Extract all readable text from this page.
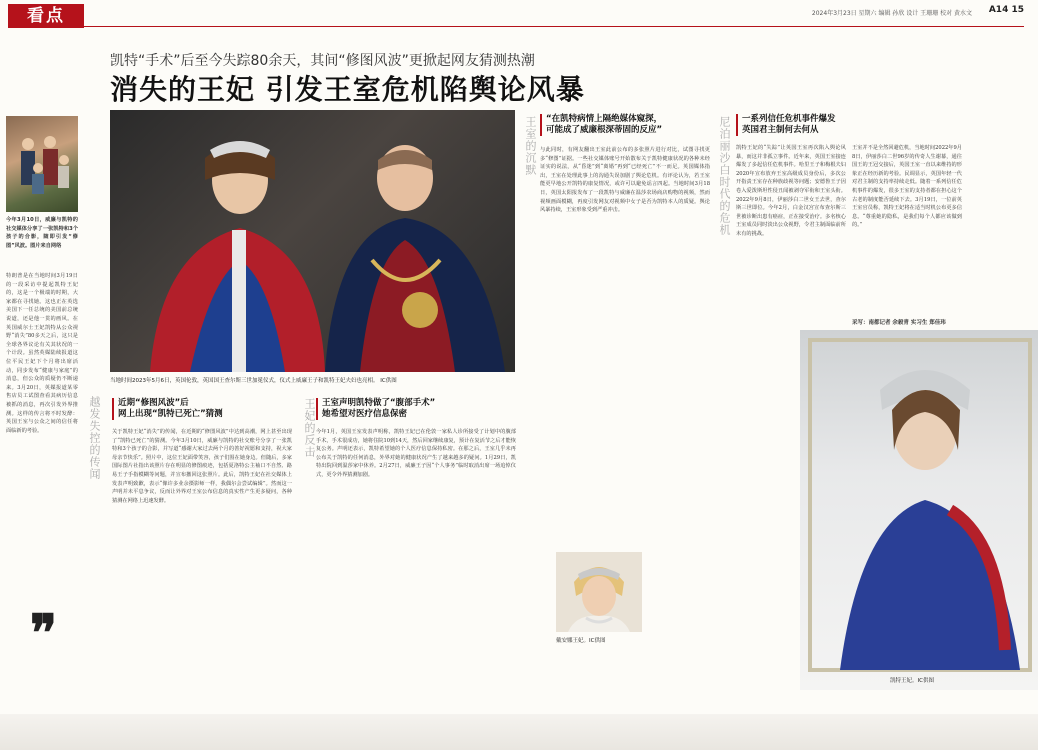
看点	2024年3月23日 星期六 编辑 孙欣 设计 王珊珊 校对 黄水文 A14 15
凯特“手术”后至今失踪80余天，其间“修图风波”更掀起网友猜测热潮
消失的王妃 引发王室危机陷舆论风暴
今年3月10日，威廉与凯特的社交媒体分享了一张凯特和3个孩子的合影，随即引发“修图”风波。图片来自网络
特朗普是在当地时间3月19日的一段采访中提起凯特王妃的，这是一个极端的时期，大家都在寻找她。这也正在英选美国下一任总统的美国前总统说道，还是他一贯的画风。在英国威尔士王妃凯特从公众视野“消失”80多天之后，这只是全球各界议论有关其状况的一个计段。虽然英媒陆续报道这位平民王妃下个月将出席活动，同步发布“健康与家庭”的消息，但公众的质疑仍不断递来。3月20日，英媒报道某零售店员工试图查看其病历信息被抓的消息，再次引发外界推测。这样的传言将不时发酵：英国王室与公众之间的信任将面临新的考验。
❞
当地时间2023年5月6日，英国伦敦，英国国王查尔斯三世加冕仪式，仪式上威廉王子和凯特王妃夫妇也亮相。 IC供图
王室的沉默
越发失控的传闻	王妃的反击
尼泊丽沙白时代的危机
近期“修图风波”后
网上出现“凯特已死亡”猜测
关于凯特王妃“消失”的传闻，在近期的“修图风波”中达到高潮，网上甚至出现了“凯特已死亡”的猜测。今年3月10日，威廉与凯特的社交账号分享了一张凯特和3个孩子的合影，并写道“感谢大家过去两个月的善好祝愿和支持，祝大家母亲节快乐”。照片中，这位王妃面带笑容，孩子们围在她身边。但随后，多家国际图片社指出该照片存在明显的修图痕迹，包括夏洛特公主袖口不自然、路易王子手指模糊等问题，并宣布撤回这张照片。此后，凯特王妃在社交媒体上发表声明致歉，表示“像许多业余摄影师一样，我偶尔会尝试编辑”。然而这一声明并未平息争议，反而让外界对王室公布信息的真实性产生更多疑问，各种猜测在网络上迅速发酵。
王室声明凯特做了“腹部手术”
她希望对医疗信息保密
今年1月，英国王室发表声明称，凯特王妃已在伦敦一家私人诊所接受了计划中的腹部手术，手术很成功，她将住院10到14天，然后回家继续康复，预计在复活节之后才能恢复公务。声明还表示，凯特希望她的个人医疗信息保持私密。在那之后，王室几乎未再公布关于凯特的任何消息，外界对她的健康状况产生了越来越多的疑问。1月29日，凯特出院回到温莎家中休养。2月27日，威廉王子因“个人事务”临时取消出席一场追悼仪式，更令外界猜测加剧。
“在凯特病情上隔绝媒体窥探，
可能成了威廉根深蒂固的反应”
与此同时，有网友翻出王室此前公布的多张照片进行对比，试图寻找更多“修图”证据。一些社交媒体账号开始散布关于凯特健康状况的各种未经证实的说法，从“昏迷”到“离婚”再到“已经死亡”不一而足。英国媒体指出，王室在处理此事上的沟通失误加剧了舆论危机。有评论认为，若王室能更早地公开凯特的康复情况，或许可以避免谣言四起。当地时间3月18日，英国太阳报发布了一段凯特与威廉在温莎农场商店购物的视频，然而视频画面模糊，再度引发网友对视频中女子是否为凯特本人的质疑。舆论风暴持续，王室形象受到严重冲击。
一系列信任危机事件爆发
英国君主制何去何从
凯特王妃的“失踪”让英国王室再次陷入舆论风暴，而这并非孤立事件。近年来，英国王室接连爆发了多起信任危机事件。哈里王子和梅根夫妇2020年宣布放弃王室高级成员身份后，多次公开指责王室存在种族歧视等问题；安德鲁王子因卷入爱泼斯坦性侵丑闻被剥夺军衔和王室头衔。2022年9月8日，伊丽莎白二世女王去世，查尔斯三世即位。今年2月，白金汉宫宣布查尔斯三世被诊断出患有癌症，正在接受治疗。多名核心王室成员同时淡出公众视野，令君主制面临前所未有的挑战。
王室并不是全然回避危机，当地时间2022年9月8日，伊丽莎白二世96岁的传奇人生谢幕，通往国王的王冠交接后，英国王室一直以来维持的形象正在经历新的考验。民调显示，英国年轻一代对君主制的支持率持续走低。随着一系列信任危机事件的爆发，很多王室的支持者都在担心这个古老的制度能否延续下去。3月19日，一位前英王室官员称，凯特王妃将在适当时机公布更多信息。“尊重她的隐私，是我们每个人都应该做到的。”
采写：南都记者 余毅青 实习生 郑佳玮
戴安娜王妃。IC供图
凯特王妃。IC供图
